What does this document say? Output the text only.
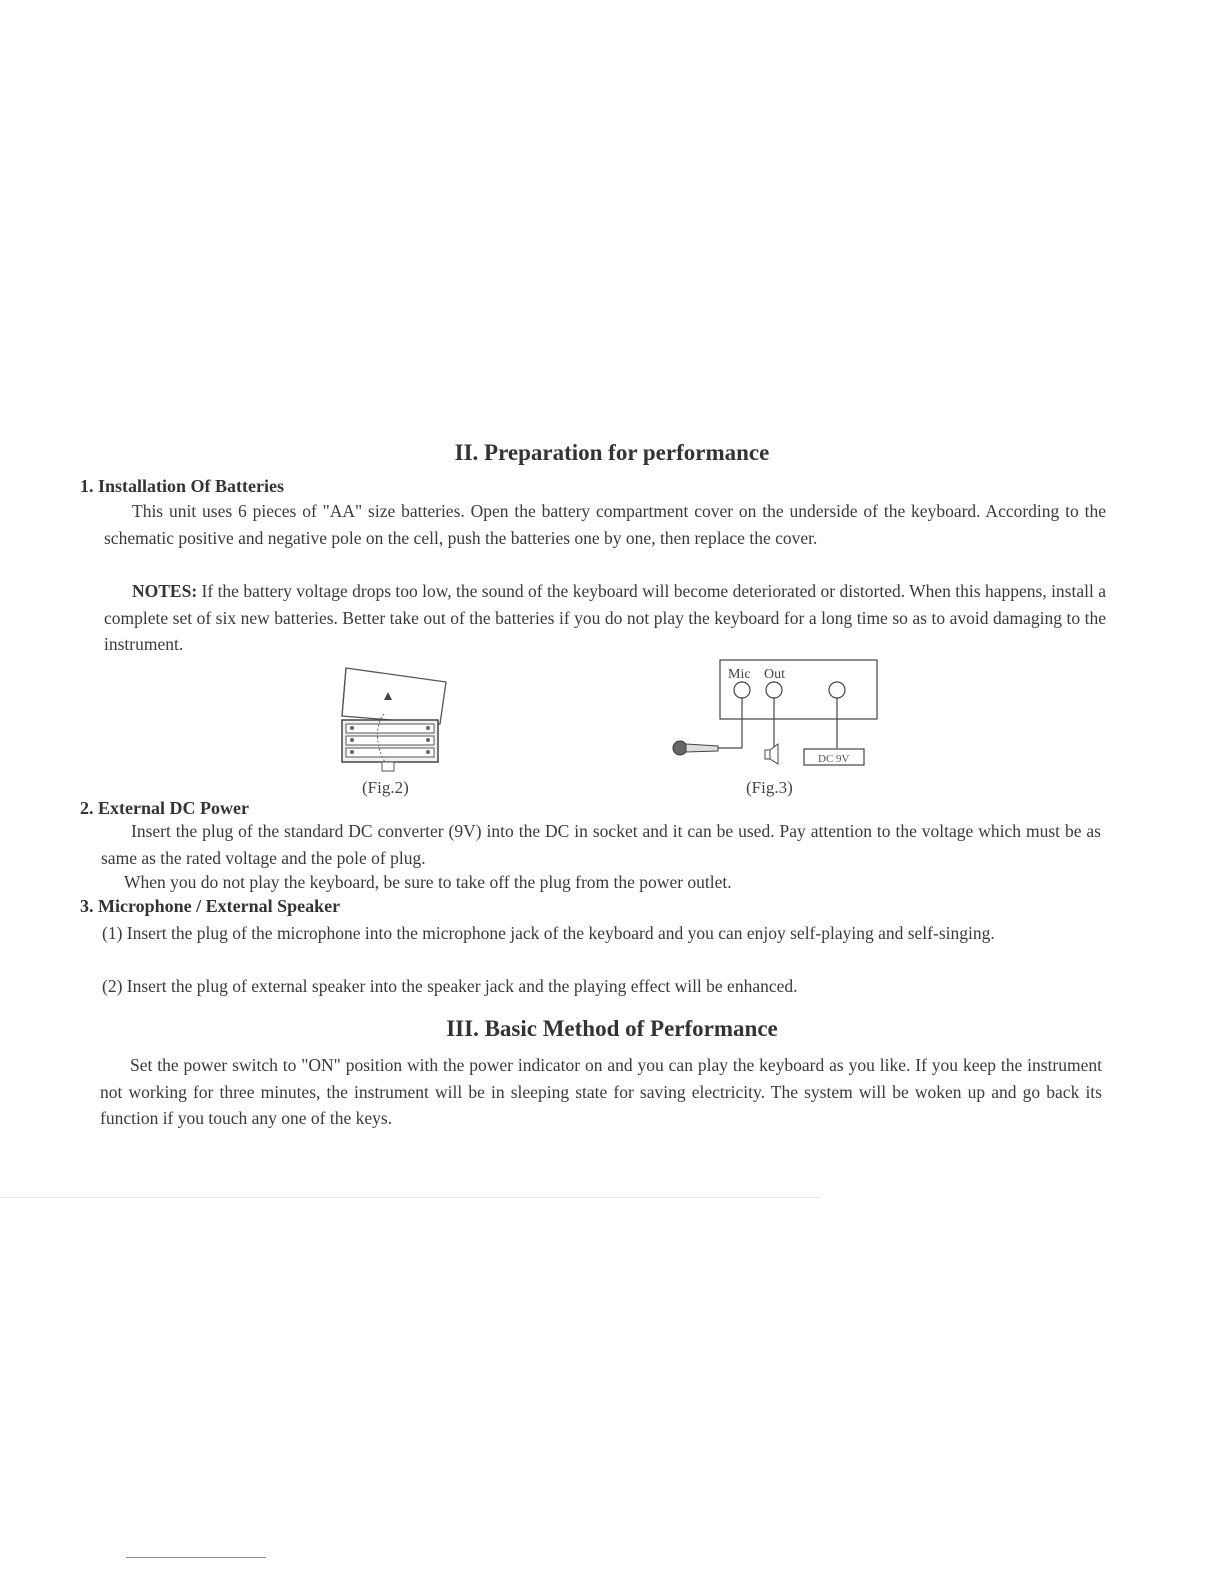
II. Preparation for performance
1. Installation Of Batteries
This unit uses 6 pieces of "AA" size batteries. Open the battery compartment cover on the underside of the keyboard. According to the schematic positive and negative pole on the cell, push the batteries one by one, then replace the cover.
NOTES: If the battery voltage drops too low, the sound of the keyboard will become deteriorated or distorted. When this happens, install a complete set of six new batteries. Better take out of the batteries if you do not play the keyboard for a long time so as to avoid damaging to the instrument.
(Fig.2)
Mic Out
DC 9V
(Fig.3)
2. External DC Power
Insert the plug of the standard DC converter (9V) into the DC in socket and it can be used. Pay attention to the voltage which must be as same as the rated voltage and the pole of plug.
When you do not play the keyboard, be sure to take off the plug from the power outlet.
3. Microphone / External Speaker
(1) Insert the plug of the microphone into the microphone jack of the keyboard and you can enjoy self-playing and self-singing.
(2) Insert the plug of external speaker into the speaker jack and the playing effect will be enhanced.
III. Basic Method of Performance
Set the power switch to "ON" position with the power indicator on and you can play the keyboard as you like. If you keep the instrument not working for three minutes, the instrument will be in sleeping state for saving electricity. The system will be woken up and go back its function if you touch any one of the keys.
